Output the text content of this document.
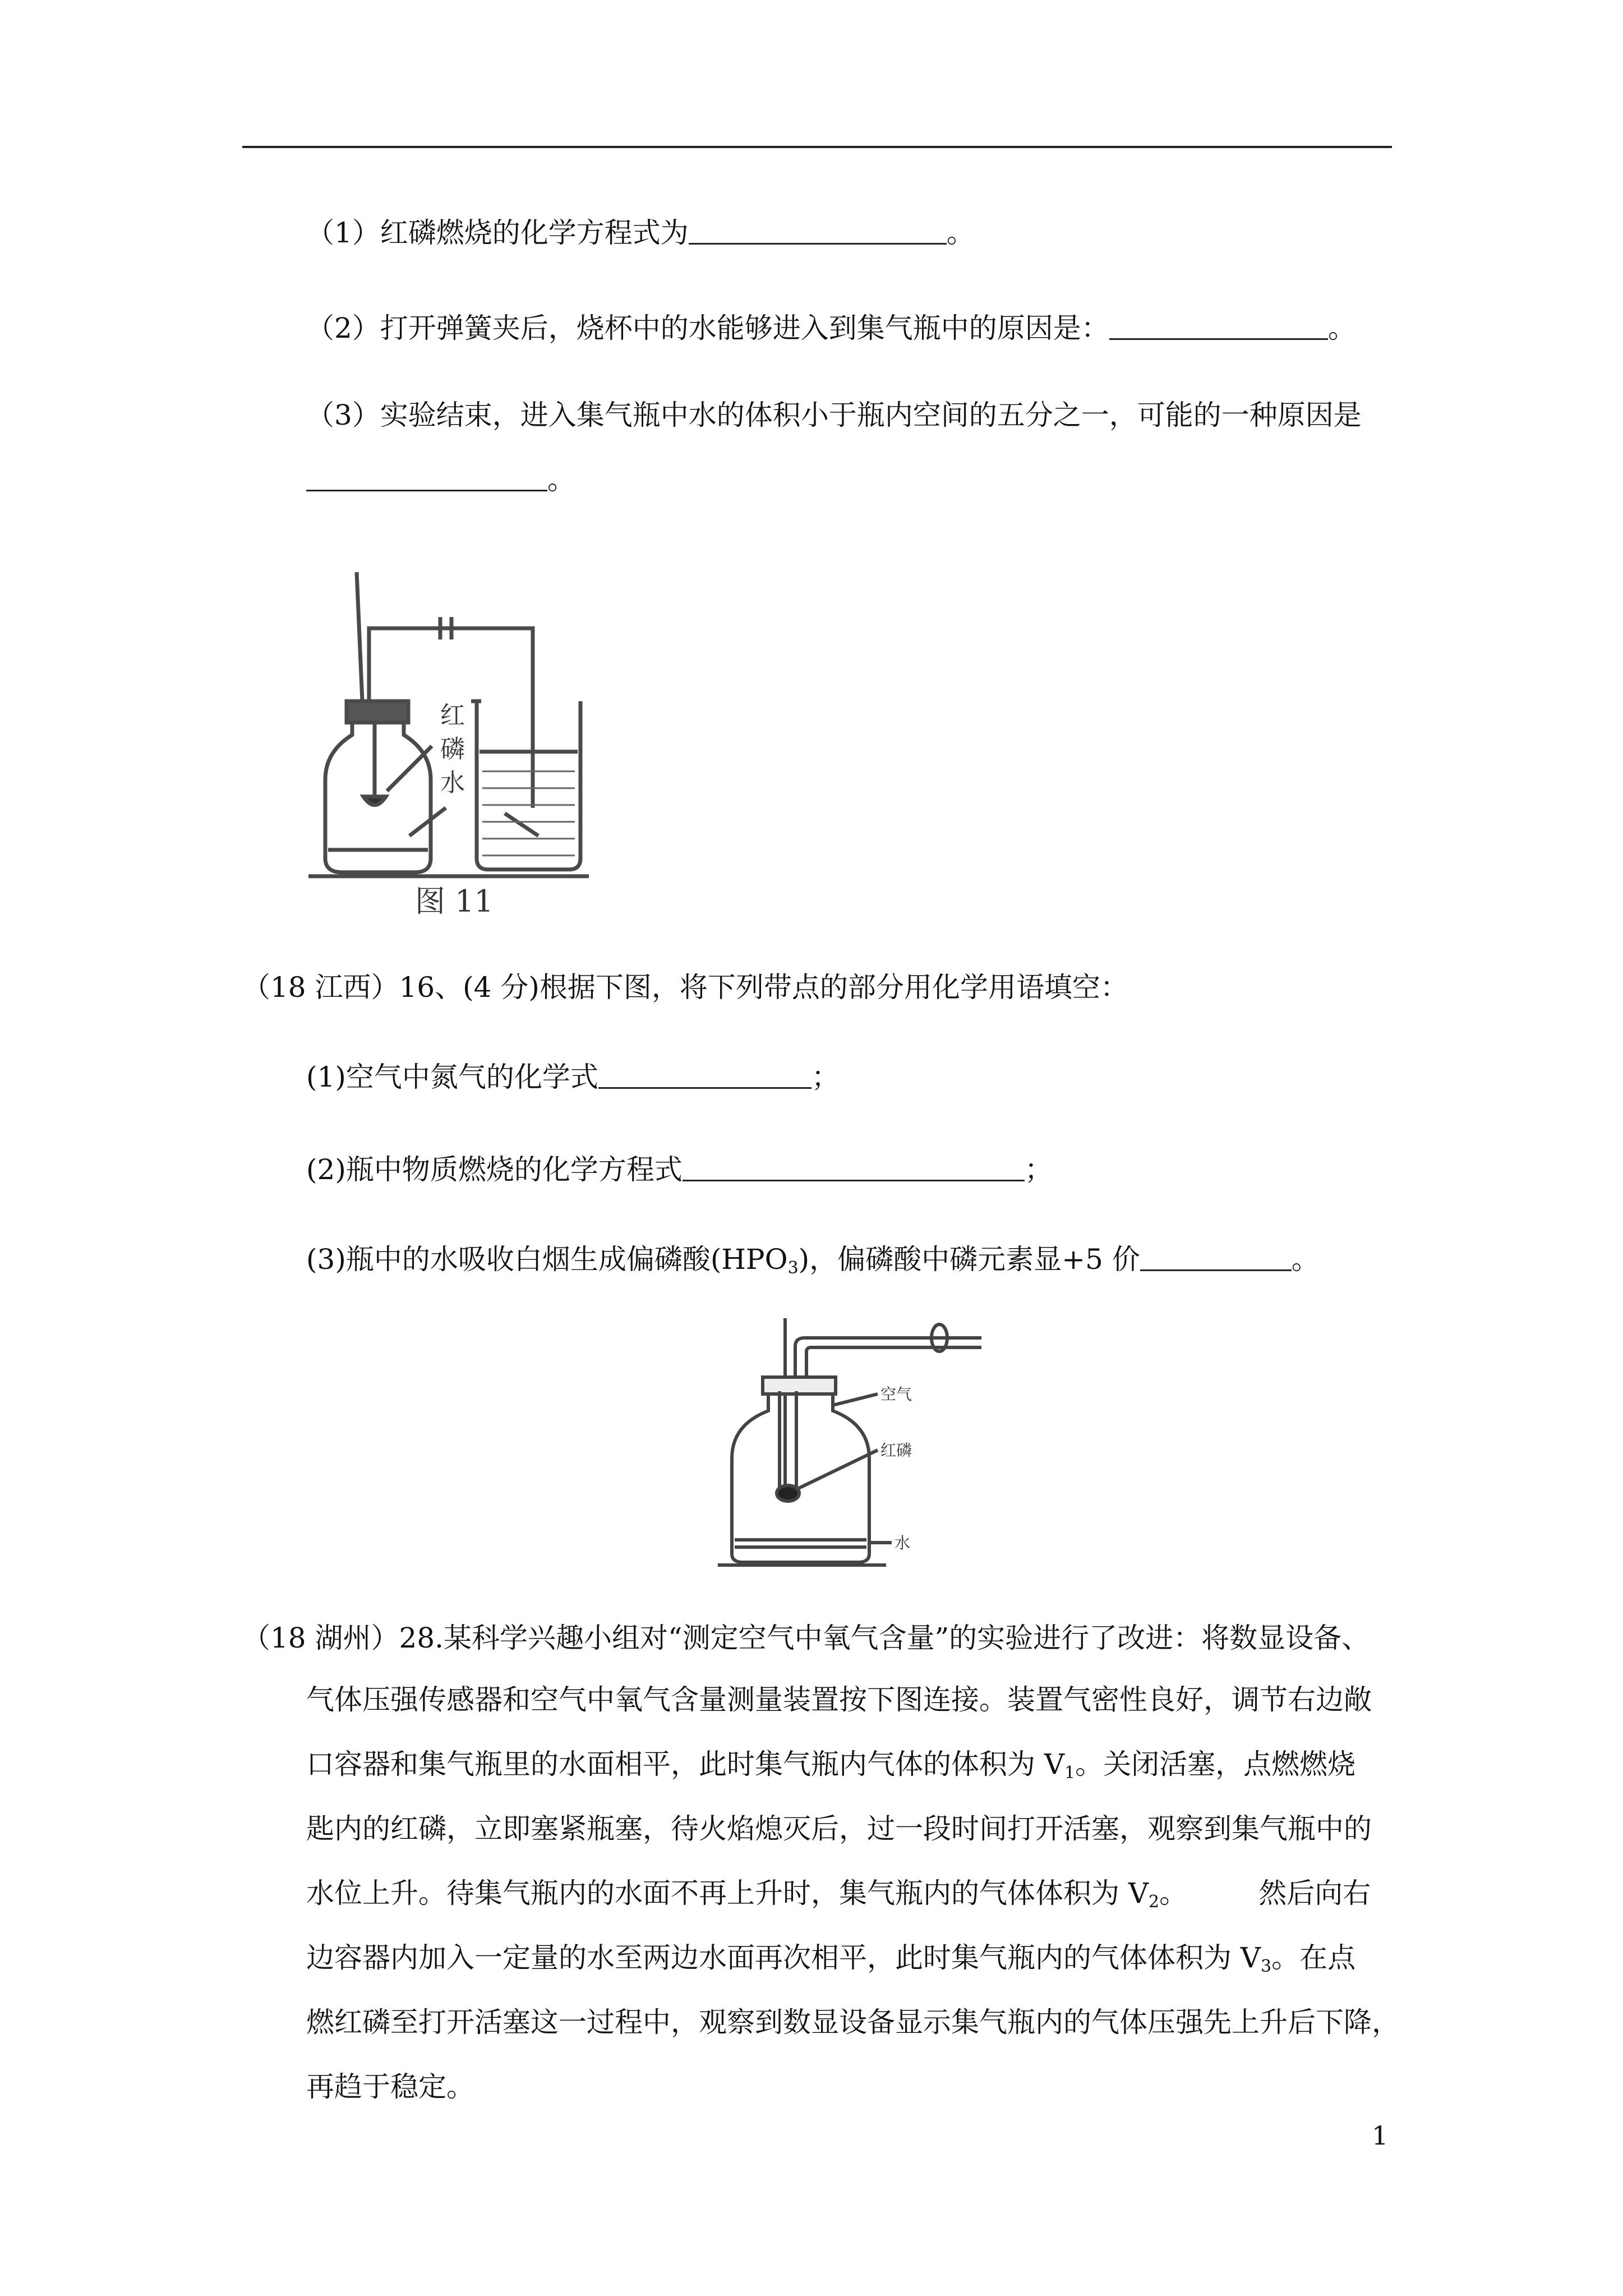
（1）红磷燃烧的化学方程式为	。
（2）打开弹簧夹后，烧杯中的水能够进入到集气瓶中的原因是：	。
（3）实验结束，进入集气瓶中水的体积小于瓶内空间的五分之一，可能的一种原因是
。
红
磷
水
图 11
（18 江西）16、(4 分)根据下图，将下列带点的部分用化学用语填空：
(1)空气中氮气的化学式	；
(2)瓶中物质燃烧的化学方程式	；
(3)瓶中的水吸收白烟生成偏磷酸$(HPO_3)$，偏磷酸中磷元素显+5 价	。
空气
红磷
水
（18 湖州）28.某科学兴趣小组对“测定空气中氧气含量”的实验进行了改进：将数显设备、
气体压强传感器和空气中氧气含量测量装置按下图连接。装置气密性良好，调节右边敞
口容器和集气瓶里的水面相平，此时集气瓶内气体的体积为 $V_1$。关闭活塞，点燃燃烧
匙内的红磷，立即塞紧瓶塞，待火焰熄灭后，过一段时间打开活塞，观察到集气瓶中的
水位上升。待集气瓶内的水面不再上升时，集气瓶内的气体体积为 $V_2$。        然后向右
边容器内加入一定量的水至两边水面再次相平，此时集气瓶内的气体体积为 $V_3$。在点
燃红磷至打开活塞这一过程中，观察到数显设备显示集气瓶内的气体压强先上升后下降，
再趋于稳定。
1
